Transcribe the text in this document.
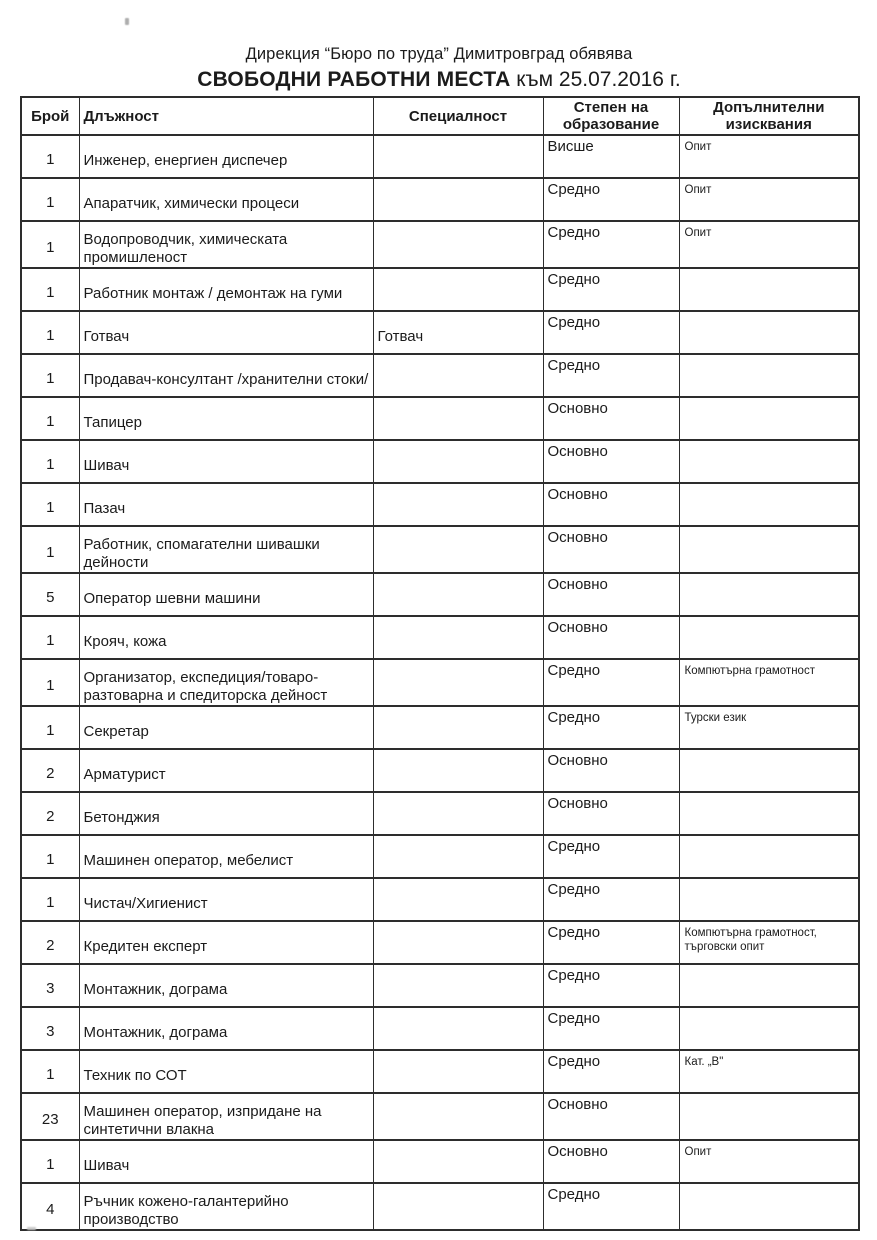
Дирекция “Бюро по труда” Димитровград обявява
СВОБОДНИ РАБОТНИ МЕСТА към 25.07.2016 г.
Брой	Длъжност	Специалност	Степен на образование	Допълнителни изисквания
1	Инженер, енергиен диспечер		Висше	Опит
1	Апаратчик, химически процеси		Средно	Опит
1	Водопроводчик, химическата промишленост		Средно	Опит
1	Работник монтаж / демонтаж на гуми		Средно	
1	Готвач	Готвач	Средно	
1	Продавач-консултант /хранителни стоки/		Средно	
1	Тапицер		Основно	
1	Шивач		Основно	
1	Пазач		Основно	
1	Работник, спомагателни шивашки дейности		Основно	
5	Оператор шевни машини		Основно	
1	Крояч, кожа		Основно	
1	Организатор, експедиция/товаро-разтоварна и спедиторска дейност		Средно	Компютърна грамотност
1	Секретар		Средно	Турски език
2	Арматурист		Основно	
2	Бетонджия		Основно	
1	Машинен оператор, мебелист		Средно	
1	Чистач/Хигиенист		Средно	
2	Кредитен експерт		Средно	Компютърна грамотност, търговски опит
3	Монтажник, дограма		Средно	
3	Монтажник, дограма		Средно	
1	Техник по СОТ		Средно	Кат. „В"
23	Машинен оператор, изпридане на синтетични влакна		Основно	
1	Шивач		Основно	Опит
4	Ръчник кожено-галантерийно производство		Средно	
